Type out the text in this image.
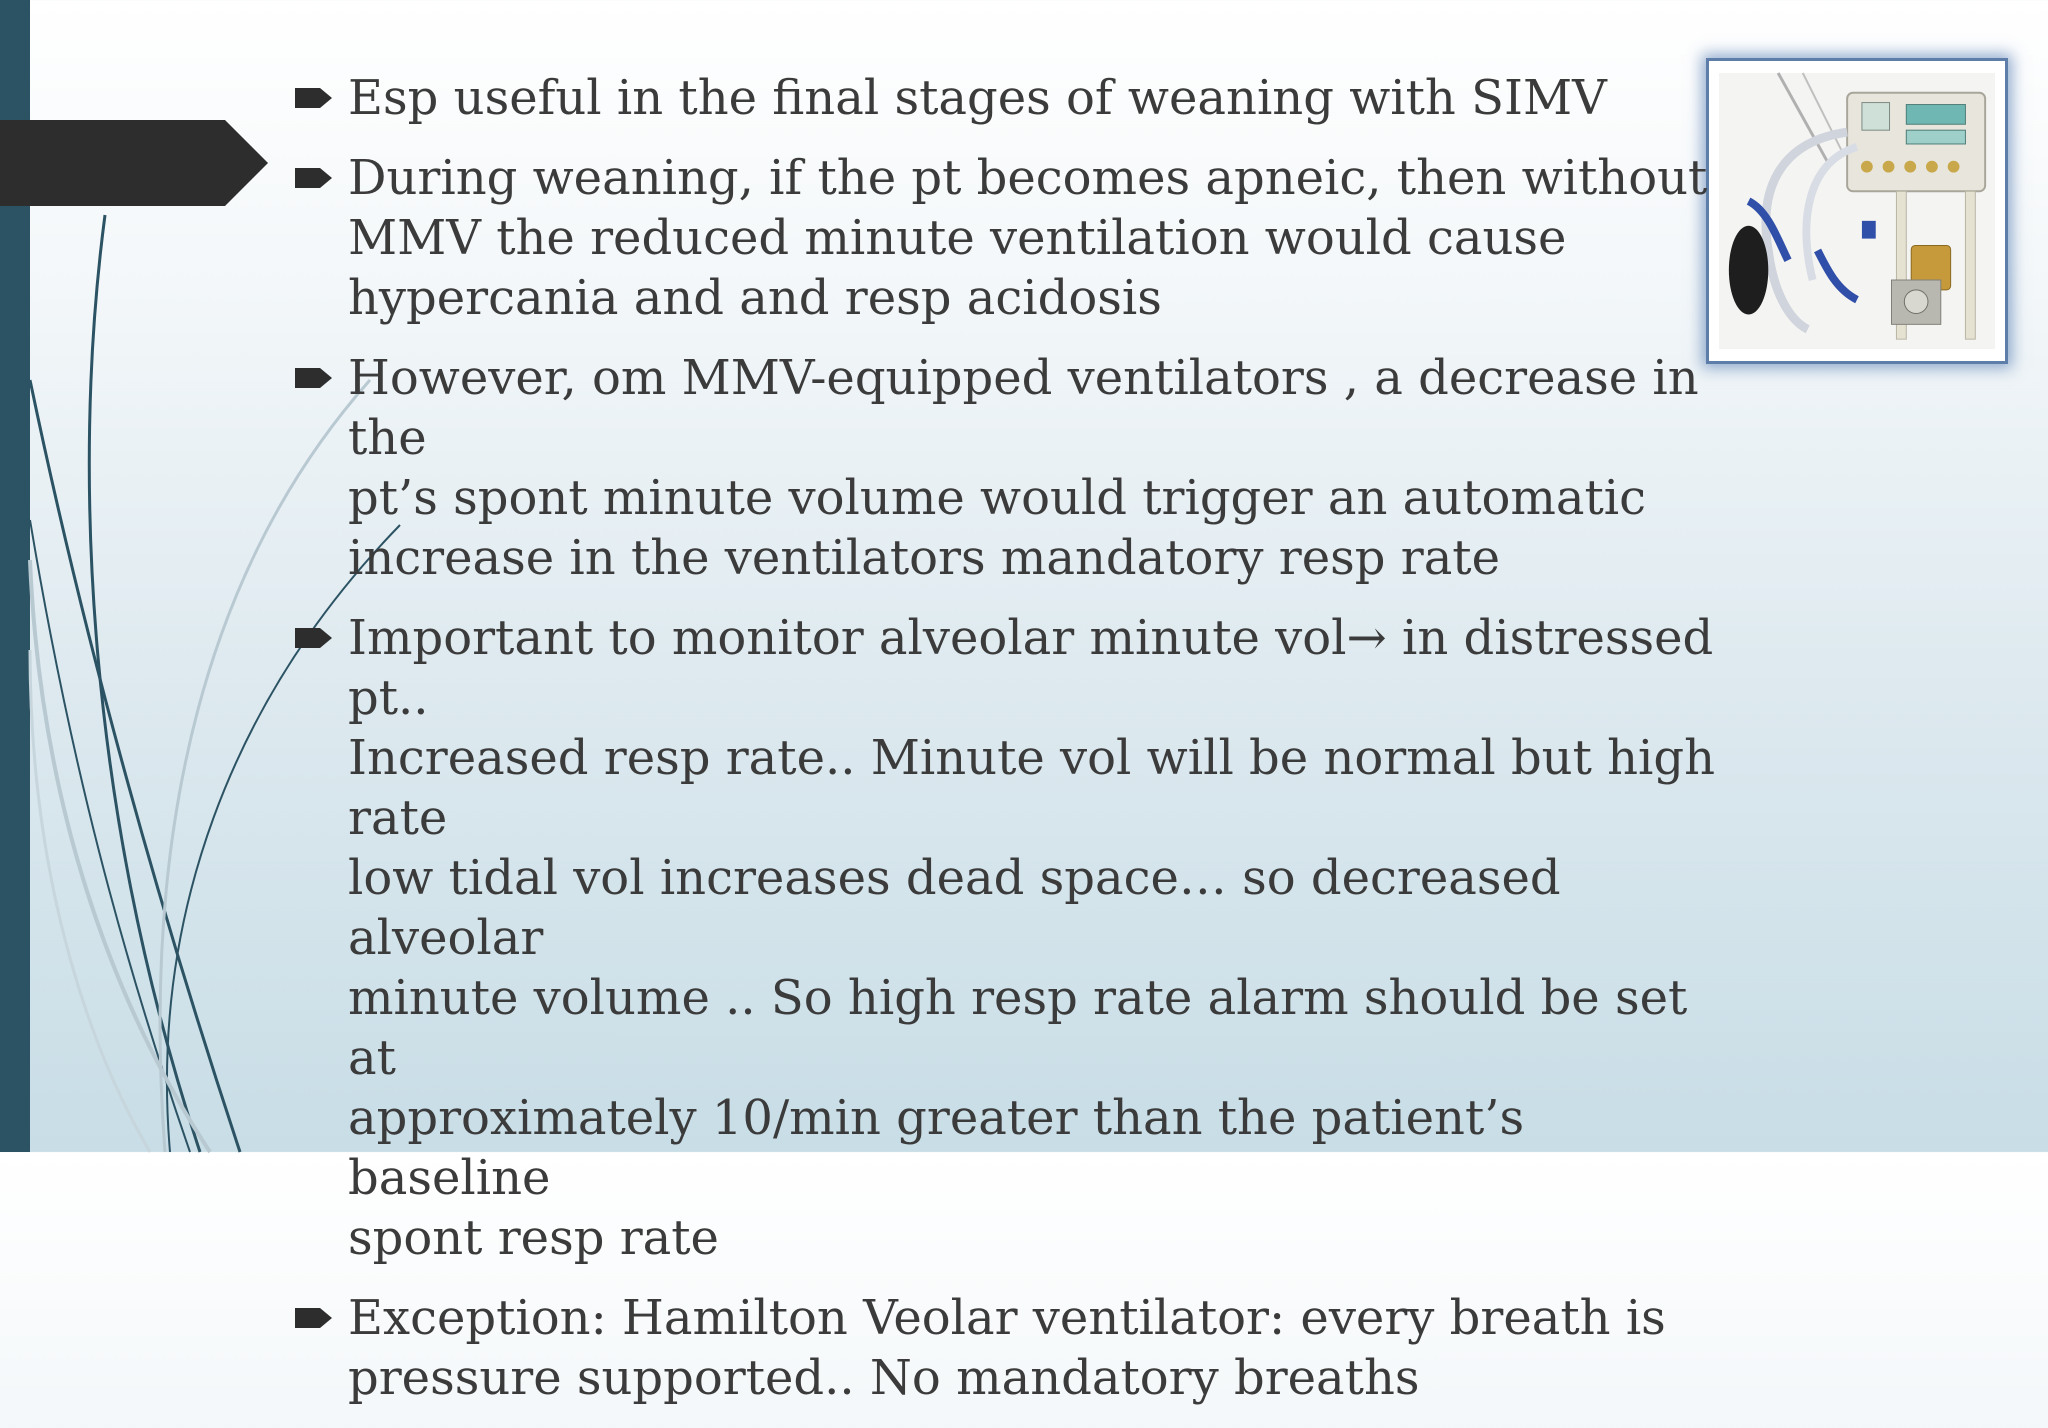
Esp useful in the final stages of weaning with SIMV
During weaning, if the pt becomes apneic, then without
MMV the reduced minute ventilation would cause
hypercania and and resp acidosis
However, om MMV-equipped ventilators , a decrease in the
pt’s spont minute volume would trigger an automatic
increase in the ventilators mandatory resp rate
Important to monitor alveolar minute vol→ in distressed pt..
Increased resp rate.. Minute vol will be normal but high rate
low tidal vol increases dead space… so decreased alveolar
minute volume .. So high resp rate alarm should be set at
approximately 10/min greater than the patient’s baseline
spont resp rate
Exception: Hamilton Veolar ventilator: every breath is
pressure supported.. No mandatory breaths
